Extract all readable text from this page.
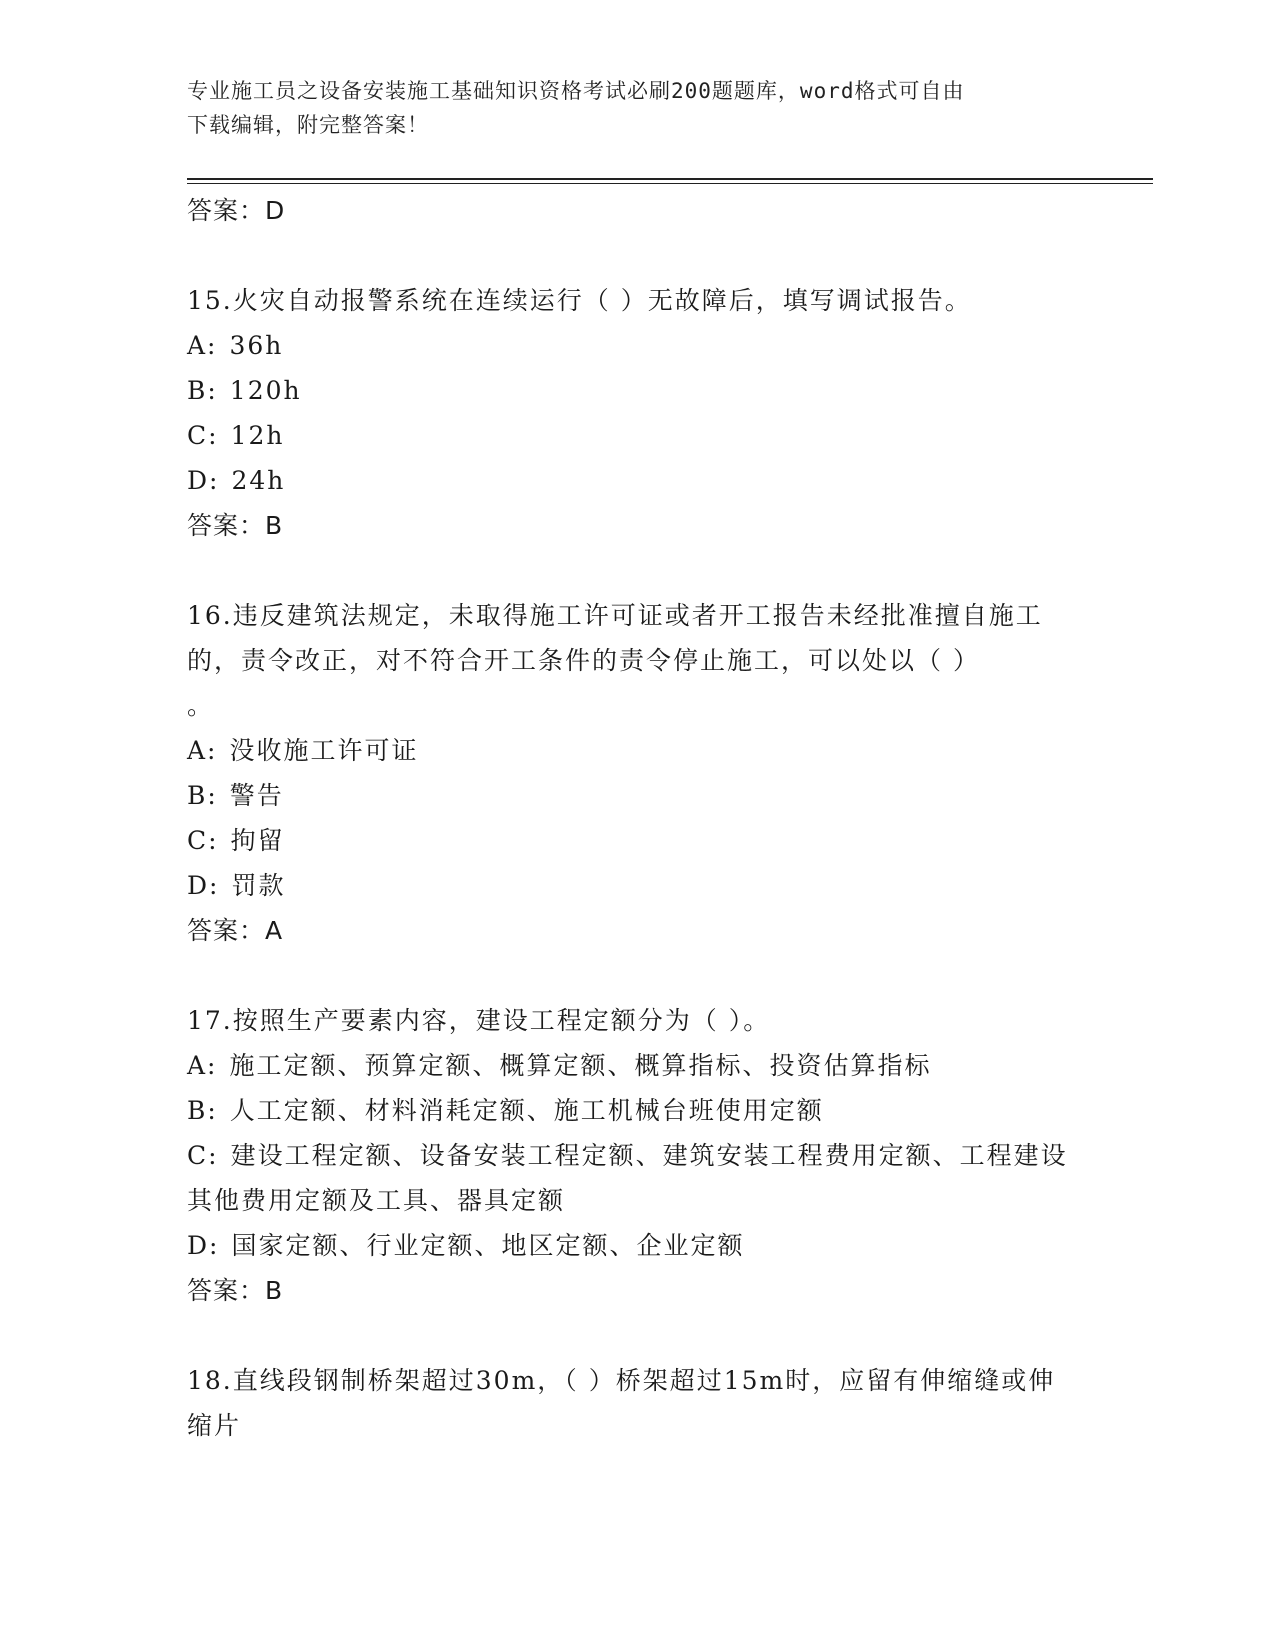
专业施工员之设备安装施工基础知识资格考试必刷200题题库，word格式可自由
下载编辑，附完整答案！

答案：D

15.火灾自动报警系统在连续运行（ ）无故障后，填写调试报告。

A: 36h

B: 120h

C: 12h

D: 24h

答案：B

16.违反建筑法规定，未取得施工许可证或者开工报告未经批准擅自施工的，责令改正，对不符合开工条件的责令停止施工，可以处以（ ）

。

A: 没收施工许可证

B: 警告

C: 拘留

D: 罚款

答案：A

17.按照生产要素内容，建设工程定额分为（ ）。

A: 施工定额、预算定额、概算定额、概算指标、投资估算指标

B: 人工定额、材料消耗定额、施工机械台班使用定额

C: 建设工程定额、设备安装工程定额、建筑安装工程费用定额、工程建设其他费用定额及工具、器具定额

D: 国家定额、行业定额、地区定额、企业定额

答案：B

18.直线段钢制桥架超过30m，（ ）桥架超过15m时，应留有伸缩缝或伸缩片
